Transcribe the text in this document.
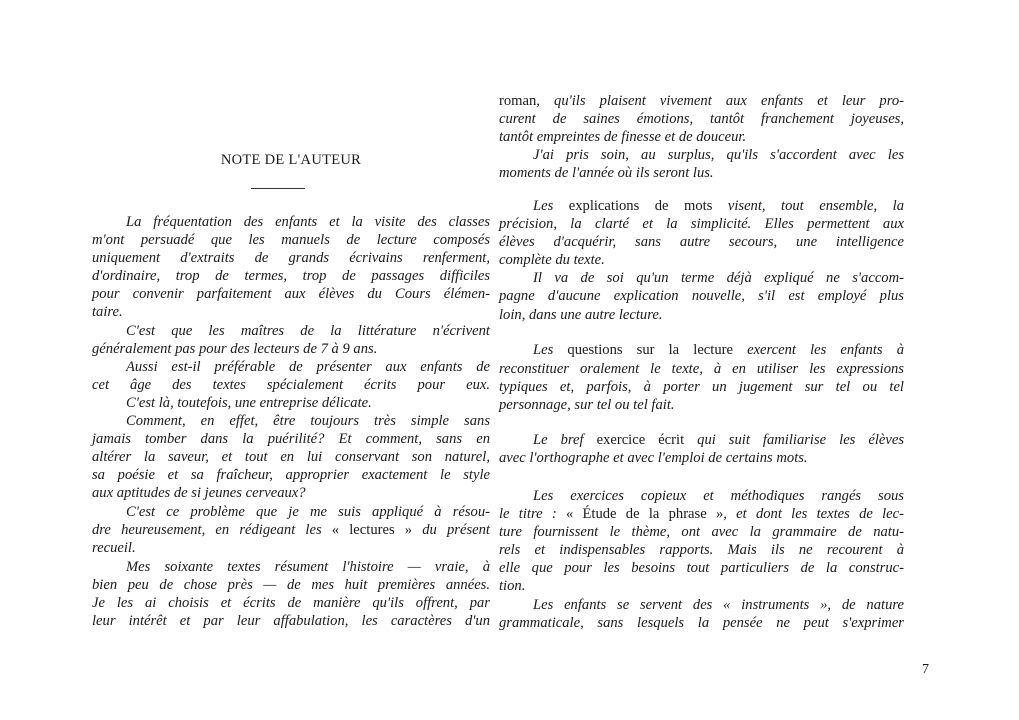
NOTE DE L'AUTEUR
La fréquentation des enfants et la visite des classes
m'ont persuadé que les manuels de lecture composés
uniquement d'extraits de grands écrivains renferment,
d'ordinaire, trop de termes, trop de passages difficiles
pour convenir parfaitement aux élèves du Cours élémen-
taire.
C'est que les maîtres de la littérature n'écrivent
généralement pas pour des lecteurs de 7 à 9 ans.
Aussi est-il préférable de présenter aux enfants de
cet âge des textes spécialement écrits pour eux.
C'est là, toutefois, une entreprise délicate.
Comment, en effet, être toujours très simple sans
jamais tomber dans la puérilité? Et comment, sans en
altérer la saveur, et tout en lui conservant son naturel,
sa poésie et sa fraîcheur, approprier exactement le style
aux aptitudes de si jeunes cerveaux?
C'est ce problème que je me suis appliqué à résou-
dre heureusement, en rédigeant les « lectures » du présent
recueil.
Mes soixante textes résument l'histoire — vraie, à
bien peu de chose près — de mes huit premières années.
Je les ai choisis et écrits de manière qu'ils offrent, par
leur intérêt et par leur affabulation, les caractères d'un
roman, qu'ils plaisent vivement aux enfants et leur pro-
curent de saines émotions, tantôt franchement joyeuses,
tantôt empreintes de finesse et de douceur.
J'ai pris soin, au surplus, qu'ils s'accordent avec les
moments de l'année où ils seront lus.
Les explications de mots visent, tout ensemble, la
précision, la clarté et la simplicité. Elles permettent aux
élèves d'acquérir, sans autre secours, une intelligence
complète du texte.
Il va de soi qu'un terme déjà expliqué ne s'accom-
pagne d'aucune explication nouvelle, s'il est employé plus
loin, dans une autre lecture.
Les questions sur la lecture exercent les enfants à
reconstituer oralement le texte, à en utiliser les expressions
typiques et, parfois, à porter un jugement sur tel ou tel
personnage, sur tel ou tel fait.
Le bref exercice écrit qui suit familiarise les élèves
avec l'orthographe et avec l'emploi de certains mots.
Les exercices copieux et méthodiques rangés sous
le titre : « Étude de la phrase », et dont les textes de lec-
ture fournissent le thème, ont avec la grammaire de natu-
rels et indispensables rapports. Mais ils ne recourent à
elle que pour les besoins tout particuliers de la construc-
tion.
Les enfants se servent des « instruments », de nature
grammaticale, sans lesquels la pensée ne peut s'exprimer
7
